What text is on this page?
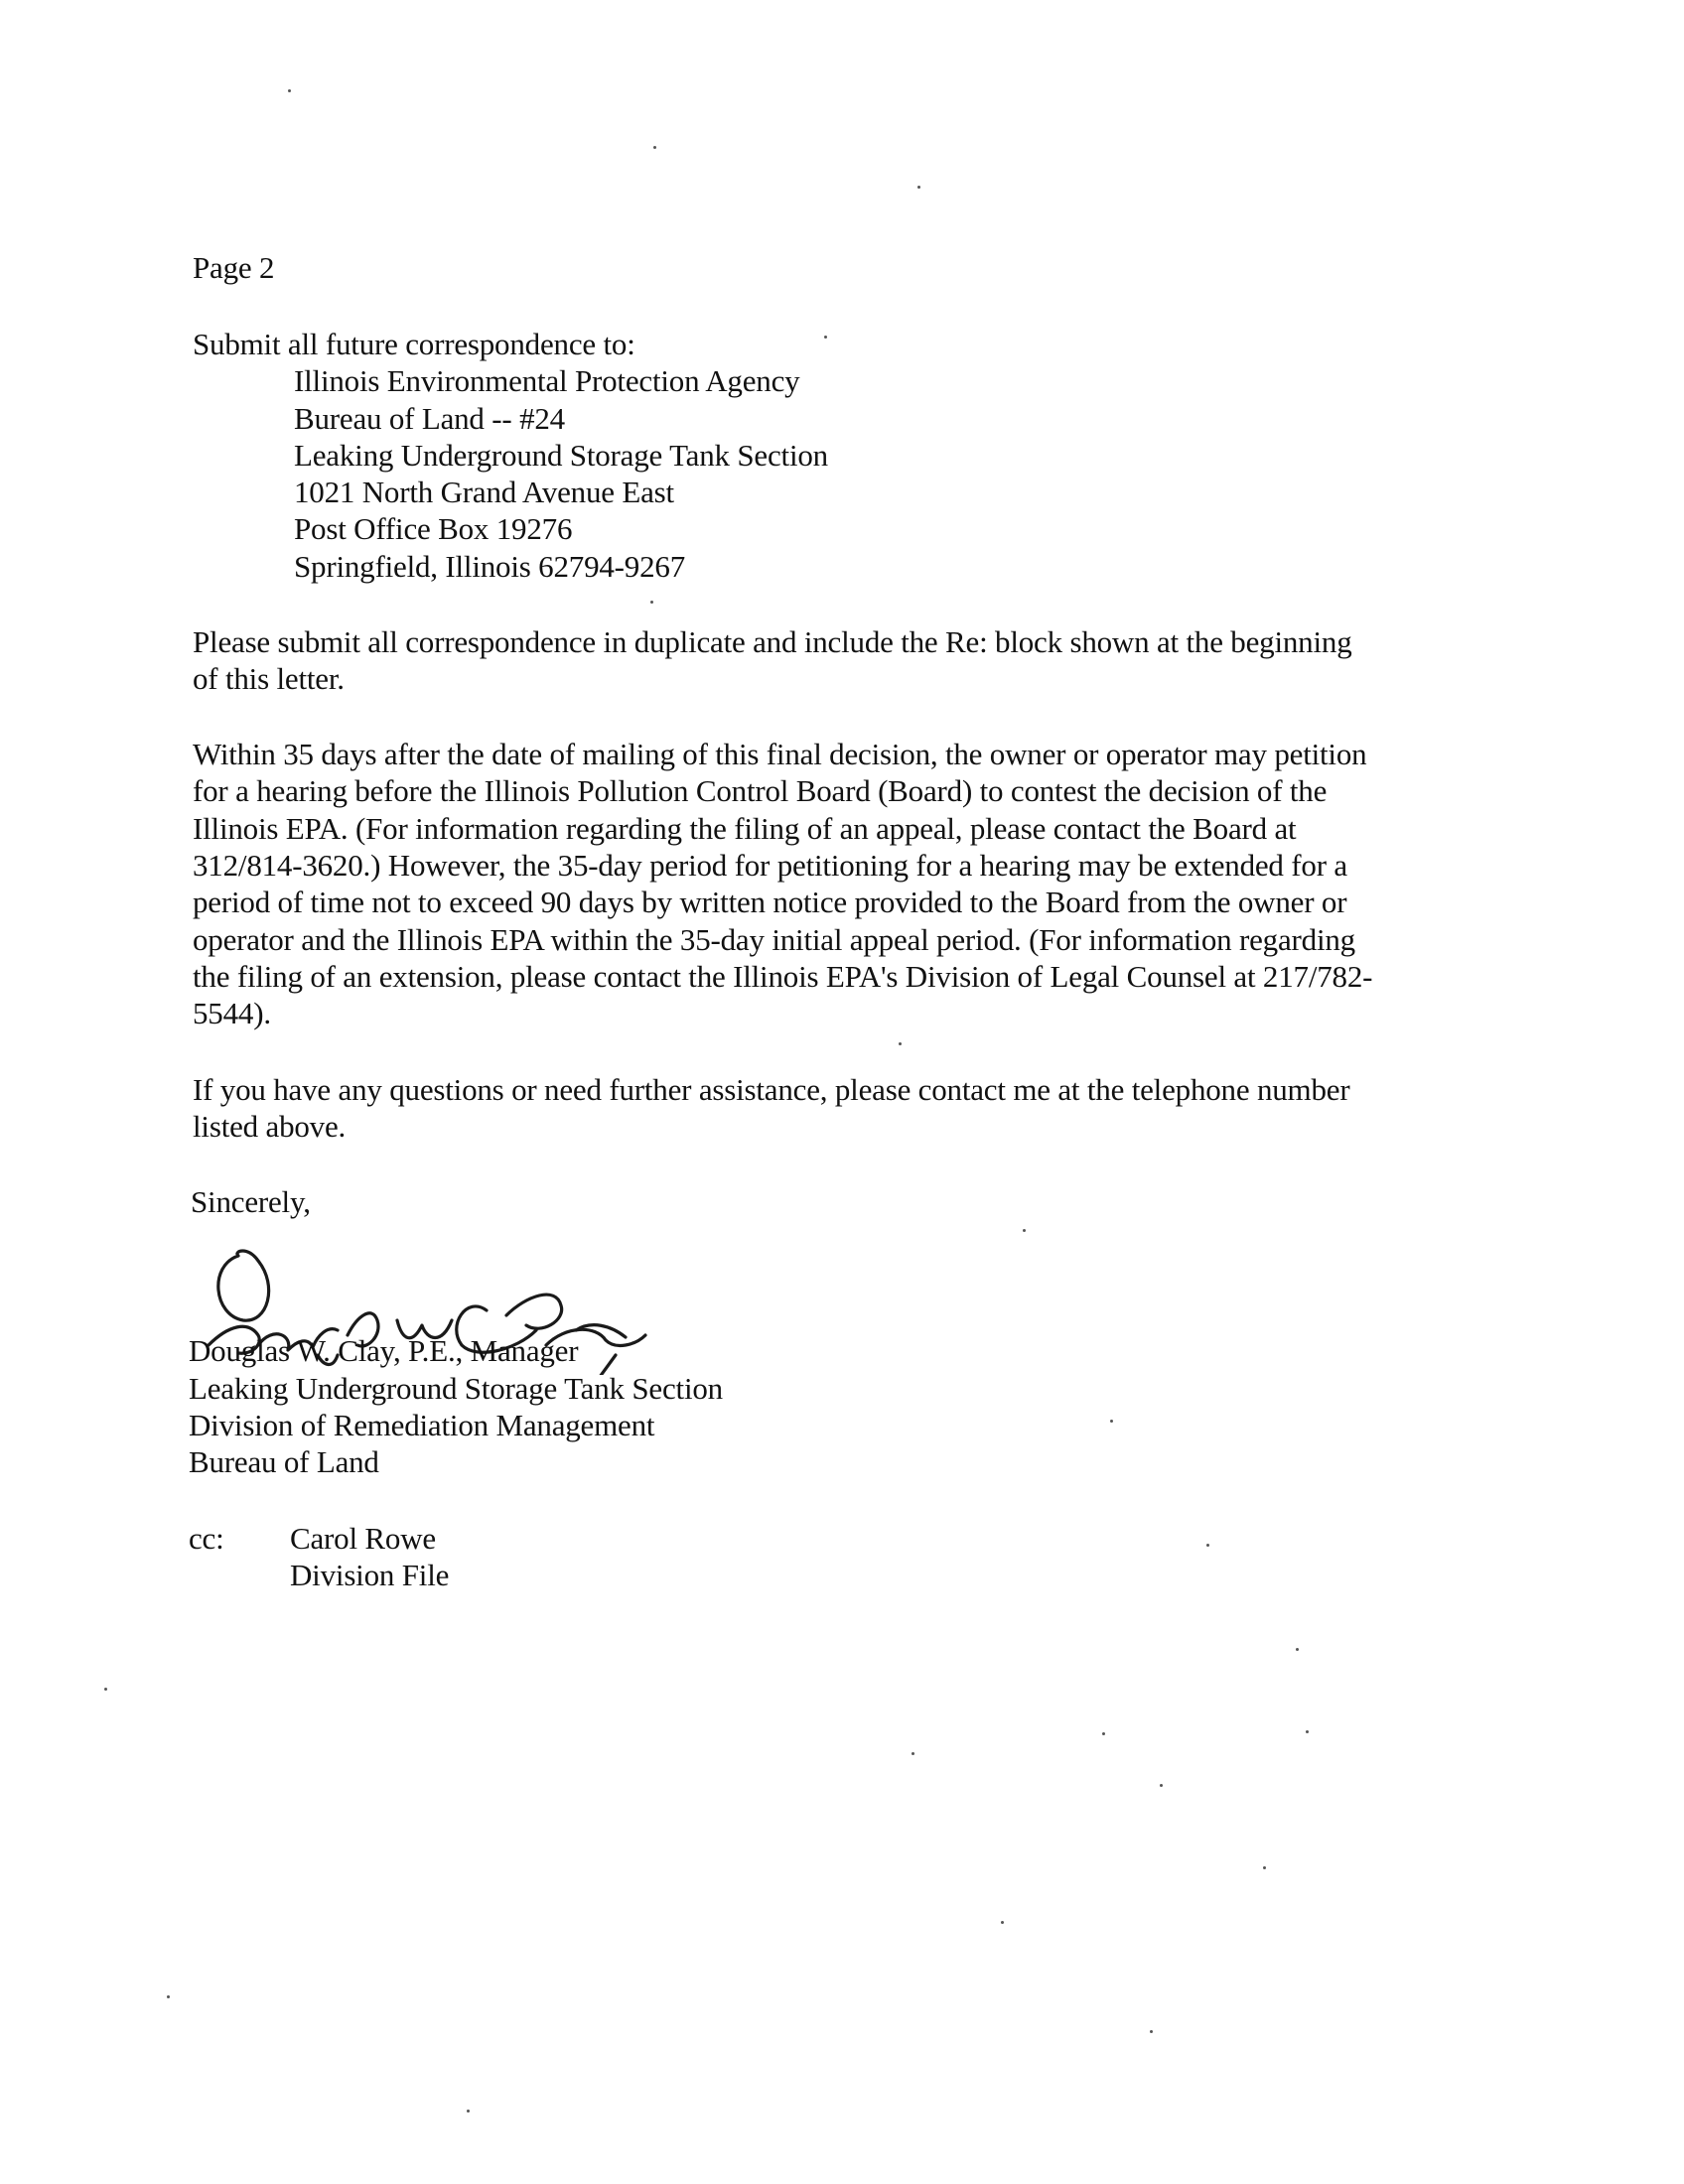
Page 2
Submit all future correspondence to:
Illinois Environmental Protection Agency
Bureau of Land -- #24
Leaking Underground Storage Tank Section
1021 North Grand Avenue East
Post Office Box 19276
Springfield, Illinois 62794-9267
Please submit all correspondence in duplicate and include the Re: block shown at the beginning
of this letter.
Within 35 days after the date of mailing of this final decision, the owner or operator may petition
for a hearing before the Illinois Pollution Control Board (Board) to contest the decision of the
Illinois EPA. (For information regarding the filing of an appeal, please contact the Board at
312/814-3620.) However, the 35-day period for petitioning for a hearing may be extended for a
period of time not to exceed 90 days by written notice provided to the Board from the owner or
operator and the Illinois EPA within the 35-day initial appeal period. (For information regarding
the filing of an extension, please contact the Illinois EPA's Division of Legal Counsel at 217/782-
5544).
If you have any questions or need further assistance, please contact me at the telephone number
listed above.
Sincerely,
Douglas W. Clay, P.E., Manager
Leaking Underground Storage Tank Section
Division of Remediation Management
Bureau of Land
cc: Carol Rowe
Division File
